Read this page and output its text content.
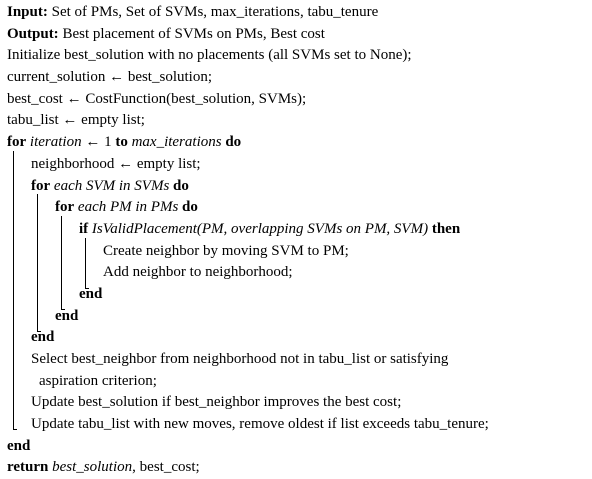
Input: Set of PMs, Set of SVMs, max_iterations, tabu_tenure
Output: Best placement of SVMs on PMs, Best cost
Initialize best_solution with no placements (all SVMs set to None);
current_solution ← best_solution;
best_cost ← CostFunction(best_solution, SVMs);
tabu_list ← empty list;
for iteration ← 1 to max_iterations do
neighborhood ← empty list;
for each SVM in SVMs do
for each PM in PMs do
if IsValidPlacement(PM, overlapping SVMs on PM, SVM) then
Create neighbor by moving SVM to PM;
Add neighbor to neighborhood;
end
end
end
Select best_neighbor from neighborhood not in tabu_list or satisfying
aspiration criterion;
Update best_solution if best_neighbor improves the best cost;
Update tabu_list with new moves, remove oldest if list exceeds tabu_tenure;
end
return best_solution, best_cost;
